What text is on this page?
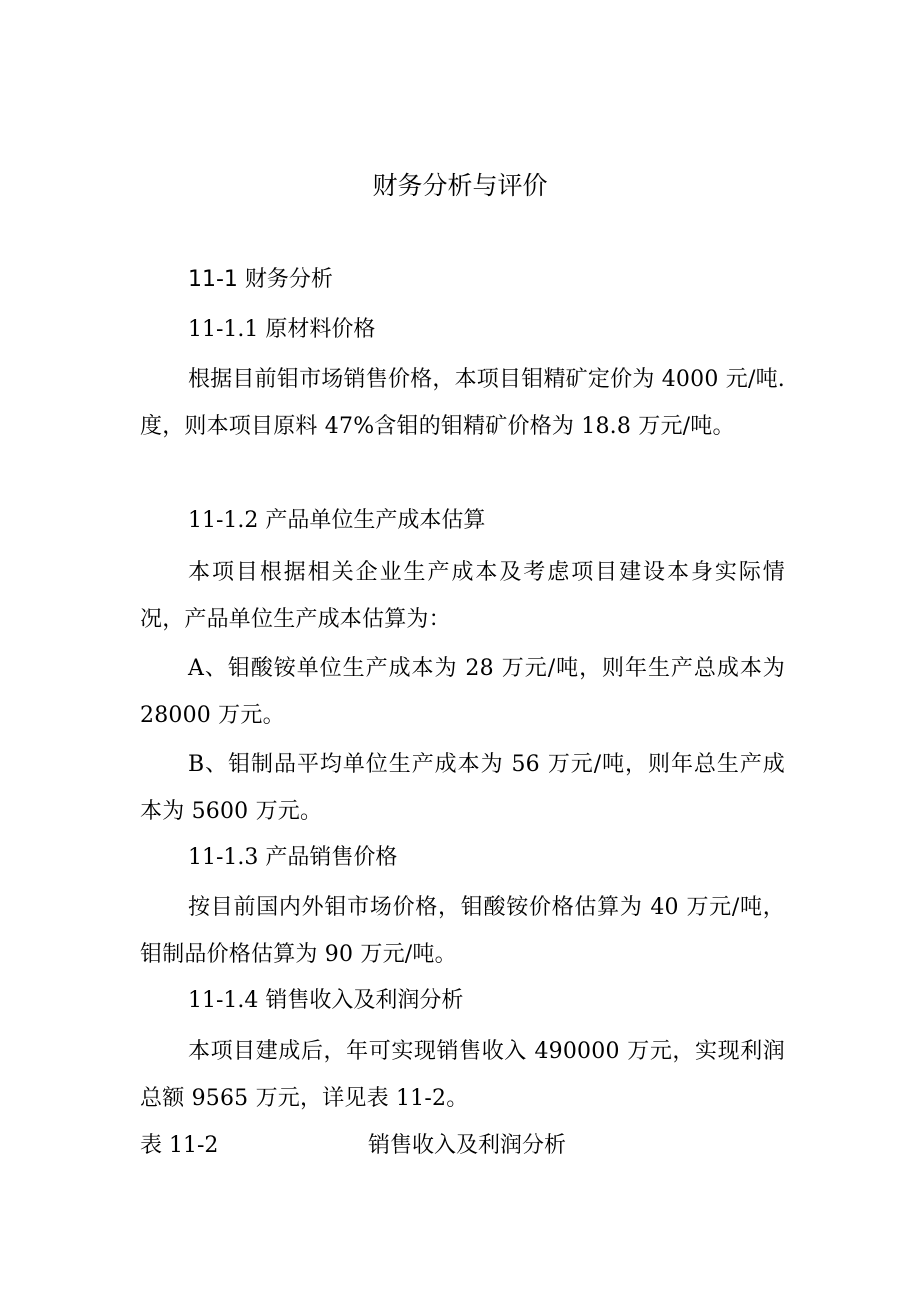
财务分析与评价
11-1 财务分析
11-1.1 原材料价格
根据目前钼市场销售价格，本项目钼精矿定价为 4000 元/吨.度，则本项目原料 47%含钼的钼精矿价格为 18.8 万元/吨。
11-1.2 产品单位生产成本估算
本项目根据相关企业生产成本及考虑项目建设本身实际情况，产品单位生产成本估算为：
A、钼酸铵单位生产成本为 28 万元/吨，则年生产总成本为 28000 万元。
B、钼制品平均单位生产成本为 56 万元/吨，则年总生产成本为 5600 万元。
11-1.3 产品销售价格
按目前国内外钼市场价格，钼酸铵价格估算为 40 万元/吨，钼制品价格估算为 90 万元/吨。
11-1.4 销售收入及利润分析
本项目建成后，年可实现销售收入 490000 万元，实现利润总额 9565 万元，详见表 11-2。
表 11-2	销售收入及利润分析
